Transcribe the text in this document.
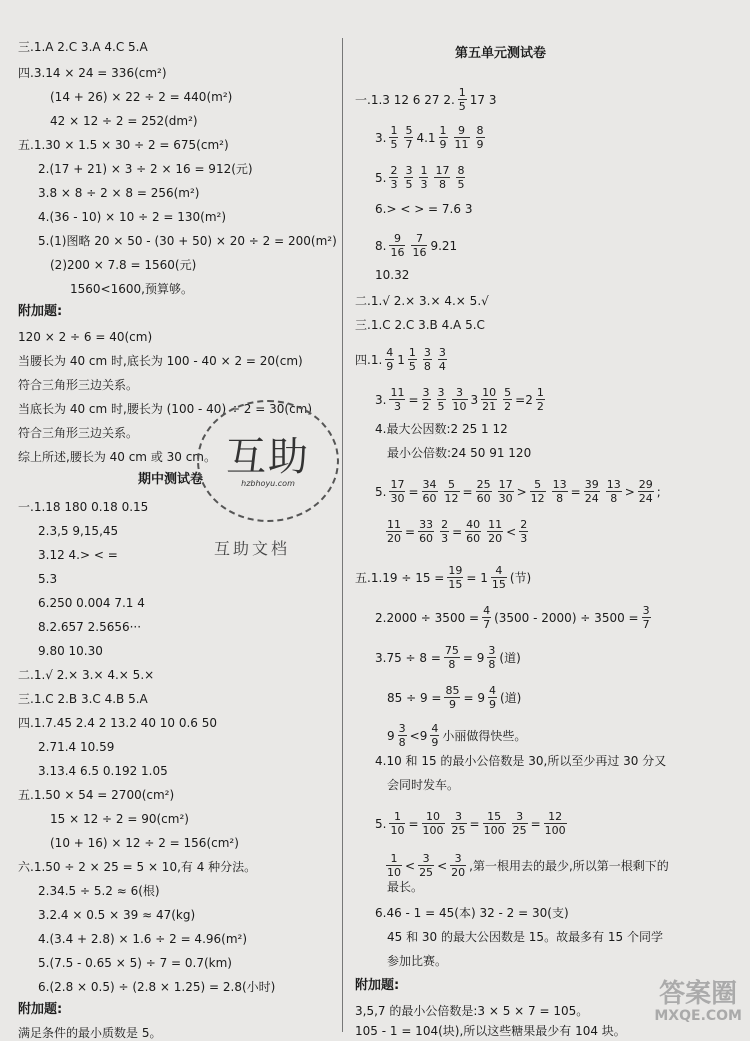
三.1.A 2.C 3.A 4.C 5.A
四.3.14 × 24 = 336(cm²)
(14 + 26) × 22 ÷ 2 = 440(m²)
42 × 12 ÷ 2 = 252(dm²)
五.1.30 × 1.5 × 30 ÷ 2 = 675(cm²)
2.(17 + 21) × 3 ÷ 2 × 16 = 912(元)
3.8 × 8 ÷ 2 × 8 = 256(m²)
4.(36 - 10) × 10 ÷ 2 = 130(m²)
5.(1)图略 20 × 50 - (30 + 50) × 20 ÷ 2 = 200(m²)
(2)200 × 7.8 = 1560(元)
1560<1600,预算够。
附加题:
120 × 2 ÷ 6 = 40(cm)
当腰长为 40 cm 时,底长为 100 - 40 × 2 = 20(cm)
符合三角形三边关系。
当底长为 40 cm 时,腰长为 (100 - 40) ÷ 2 = 30(cm)
符合三角形三边关系。
综上所述,腰长为 40 cm 或 30 cm。
期中测试卷
一.1.18 180 0.18 0.15
2.3,5 9,15,45
3.12 4.> < =
5.3
6.250 0.004 7.1 4
8.2.657 2.5656···
9.80 10.30
二.1.√ 2.× 3.× 4.× 5.×
三.1.C 2.B 3.C 4.B 5.A
四.1.7.45 2.4 2 13.2 40 10 0.6 50
2.71.4 10.59
3.13.4 6.5 0.192 1.05
五.1.50 × 54 = 2700(cm²)
15 × 12 ÷ 2 = 90(cm²)
(10 + 16) × 12 ÷ 2 = 156(cm²)
六.1.50 ÷ 2 × 25 = 5 × 10,有 4 种分法。
2.34.5 ÷ 5.2 ≈ 6(根)
3.2.4 × 0.5 × 39 ≈ 47(kg)
4.(3.4 + 2.8) × 1.6 ÷ 2 = 4.96(m²)
5.(7.5 - 0.65 × 5) ÷ 7 = 0.7(km)
6.(2.8 × 0.5) ÷ (2.8 × 1.25) = 2.8(小时)
附加题:
满足条件的最小质数是 5。
第五单元测试卷
一.1.3 12 6 27 2. $\frac{1}{5} 17$ 3
3. $\frac{1}{5} \frac{5}{7} 4.1 \frac{1}{9} \frac{9}{11} \frac{8}{9}$
5. $\frac{2}{3} \frac{3}{5} \frac{1}{3} \frac{17}{8} \frac{8}{5}$
6.> < > = 7.6 3
8. $\frac{9}{16} \frac{7}{16} 9.21$
10.32
二.1.√ 2.× 3.× 4.× 5.√
三.1.C 2.C 3.B 4.A 5.C
四.1. $\frac{4}{9} 1 \frac{1}{5} \frac{3}{8} \frac{3}{4}$
3. $\frac{11}{3} = \frac{3}{2} \frac{3}{5} \frac{3}{10} 3 \frac{10}{21} \frac{5}{2} =2 \frac{1}{2}$
4.最大公因数:2 25 1 12
最小公倍数:24 50 91 120
5. $\frac{17}{30} = \frac{34}{60} \frac{5}{12} = \frac{25}{60} \frac{17}{30} > \frac{5}{12} \frac{13}{8} = \frac{39}{24} \frac{13}{8} > \frac{29}{24}$ ;
$\frac{11}{20} = \frac{33}{60} \frac{2}{3} = \frac{40}{60} \frac{11}{20} < \frac{2}{3}$
五$.1.19 \div 15 = \frac{19}{15} = 1 \frac{4}{15}$ (节)
$2.2000 \div 3500 = \frac{4}{7} (3500 - 2000) \div 3500 = \frac{3}{7}$
$3.75 \div 8 = \frac{75}{8} = 9 \frac{3}{8}$ (道)
$85 \div 9 = \frac{85}{9} = 9 \frac{4}{9}$ (道)
$9 \frac{3}{8} <9 \frac{4}{9}$ 小丽做得快些。
4.10 和 15 的最小公倍数是 30,所以至少再过 30 分又
会同时发车。
5. $\frac{1}{10} = \frac{10}{100} \frac{3}{25} = \frac{15}{100} \frac{3}{25} = \frac{12}{100}$
$\frac{1}{10} < \frac{3}{25} < \frac{3}{20}$ ,第一根用去的最少,所以第一根剩下的
最长。
6.46 - 1 = 45(本) 32 - 2 = 30(支)
45 和 30 的最大公因数是 15。故最多有 15 个同学
参加比赛。
附加题:
3,5,7 的最小公倍数是:3 × 5 × 7 = 105。
105 - 1 = 104(块),所以这些糖果最少有 104 块。
互助
hzbhoyu.com
互助文档
答案圈
MXQE.COM
